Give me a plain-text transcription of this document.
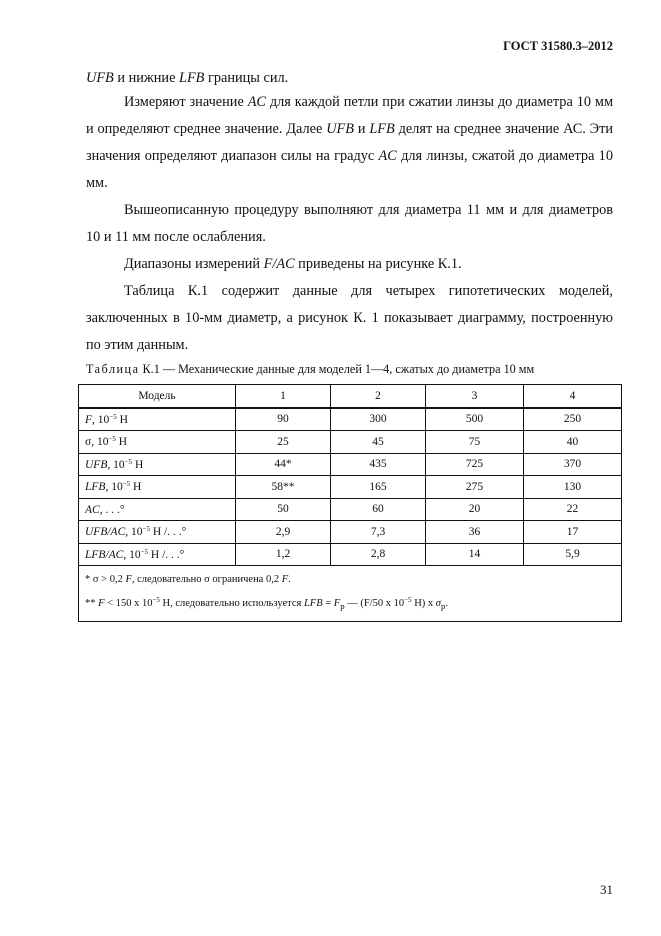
ГОСТ 31580.3–2012

UFB и нижние LFB границы сил.

Измеряют значение AC для каждой петли при сжатии линзы до диаметра 10 мм и определяют среднее значение. Далее UFB и LFB делят на среднее значение АС. Эти значения определяют диапазон силы на градус AC для линзы, сжатой до диаметра 10 мм.

Вышеописанную процедуру выполняют для диаметра 11 мм и для диаметров 10 и 11 мм после ослабления.

Диапазоны измерений F/AC приведены на рисунке К.1.

Таблица К.1 содержит данные для четырех гипотетических моделей, заключенных в 10-мм диаметр, а рисунок К. 1 показывает диаграмму, построенную по этим данным.

Таблица К.1 — Механические данные для моделей 1—4, сжатых до диаметра 10 мм
Модель	1	2	3	4
F, $10^{-5}$ Н	90	300	500	250
σ, $10^{-5}$ Н	25	45	75	40
UFB, $10^{-5}$ Н	44*	435	725	370
LFB, $10^{-5}$ Н	58**	165	275	130
AC, . . .°	50	60	20	22
UFB/AC, $10^{-5}$ Н /. . .°	2,9	7,3	36	17
LFB/AC, $10^{-5}$ Н /. . .°	1,2	2,8	14	5,9

* σ > 0,2 F, следовательно σ ограничена 0,2 F.
** F < 150 х $10^{-5}$ Н, следовательно используется LFB = $F_p$ — (F/50 х $10^{-5}$ Н) х $\sigma_p$.				
31
